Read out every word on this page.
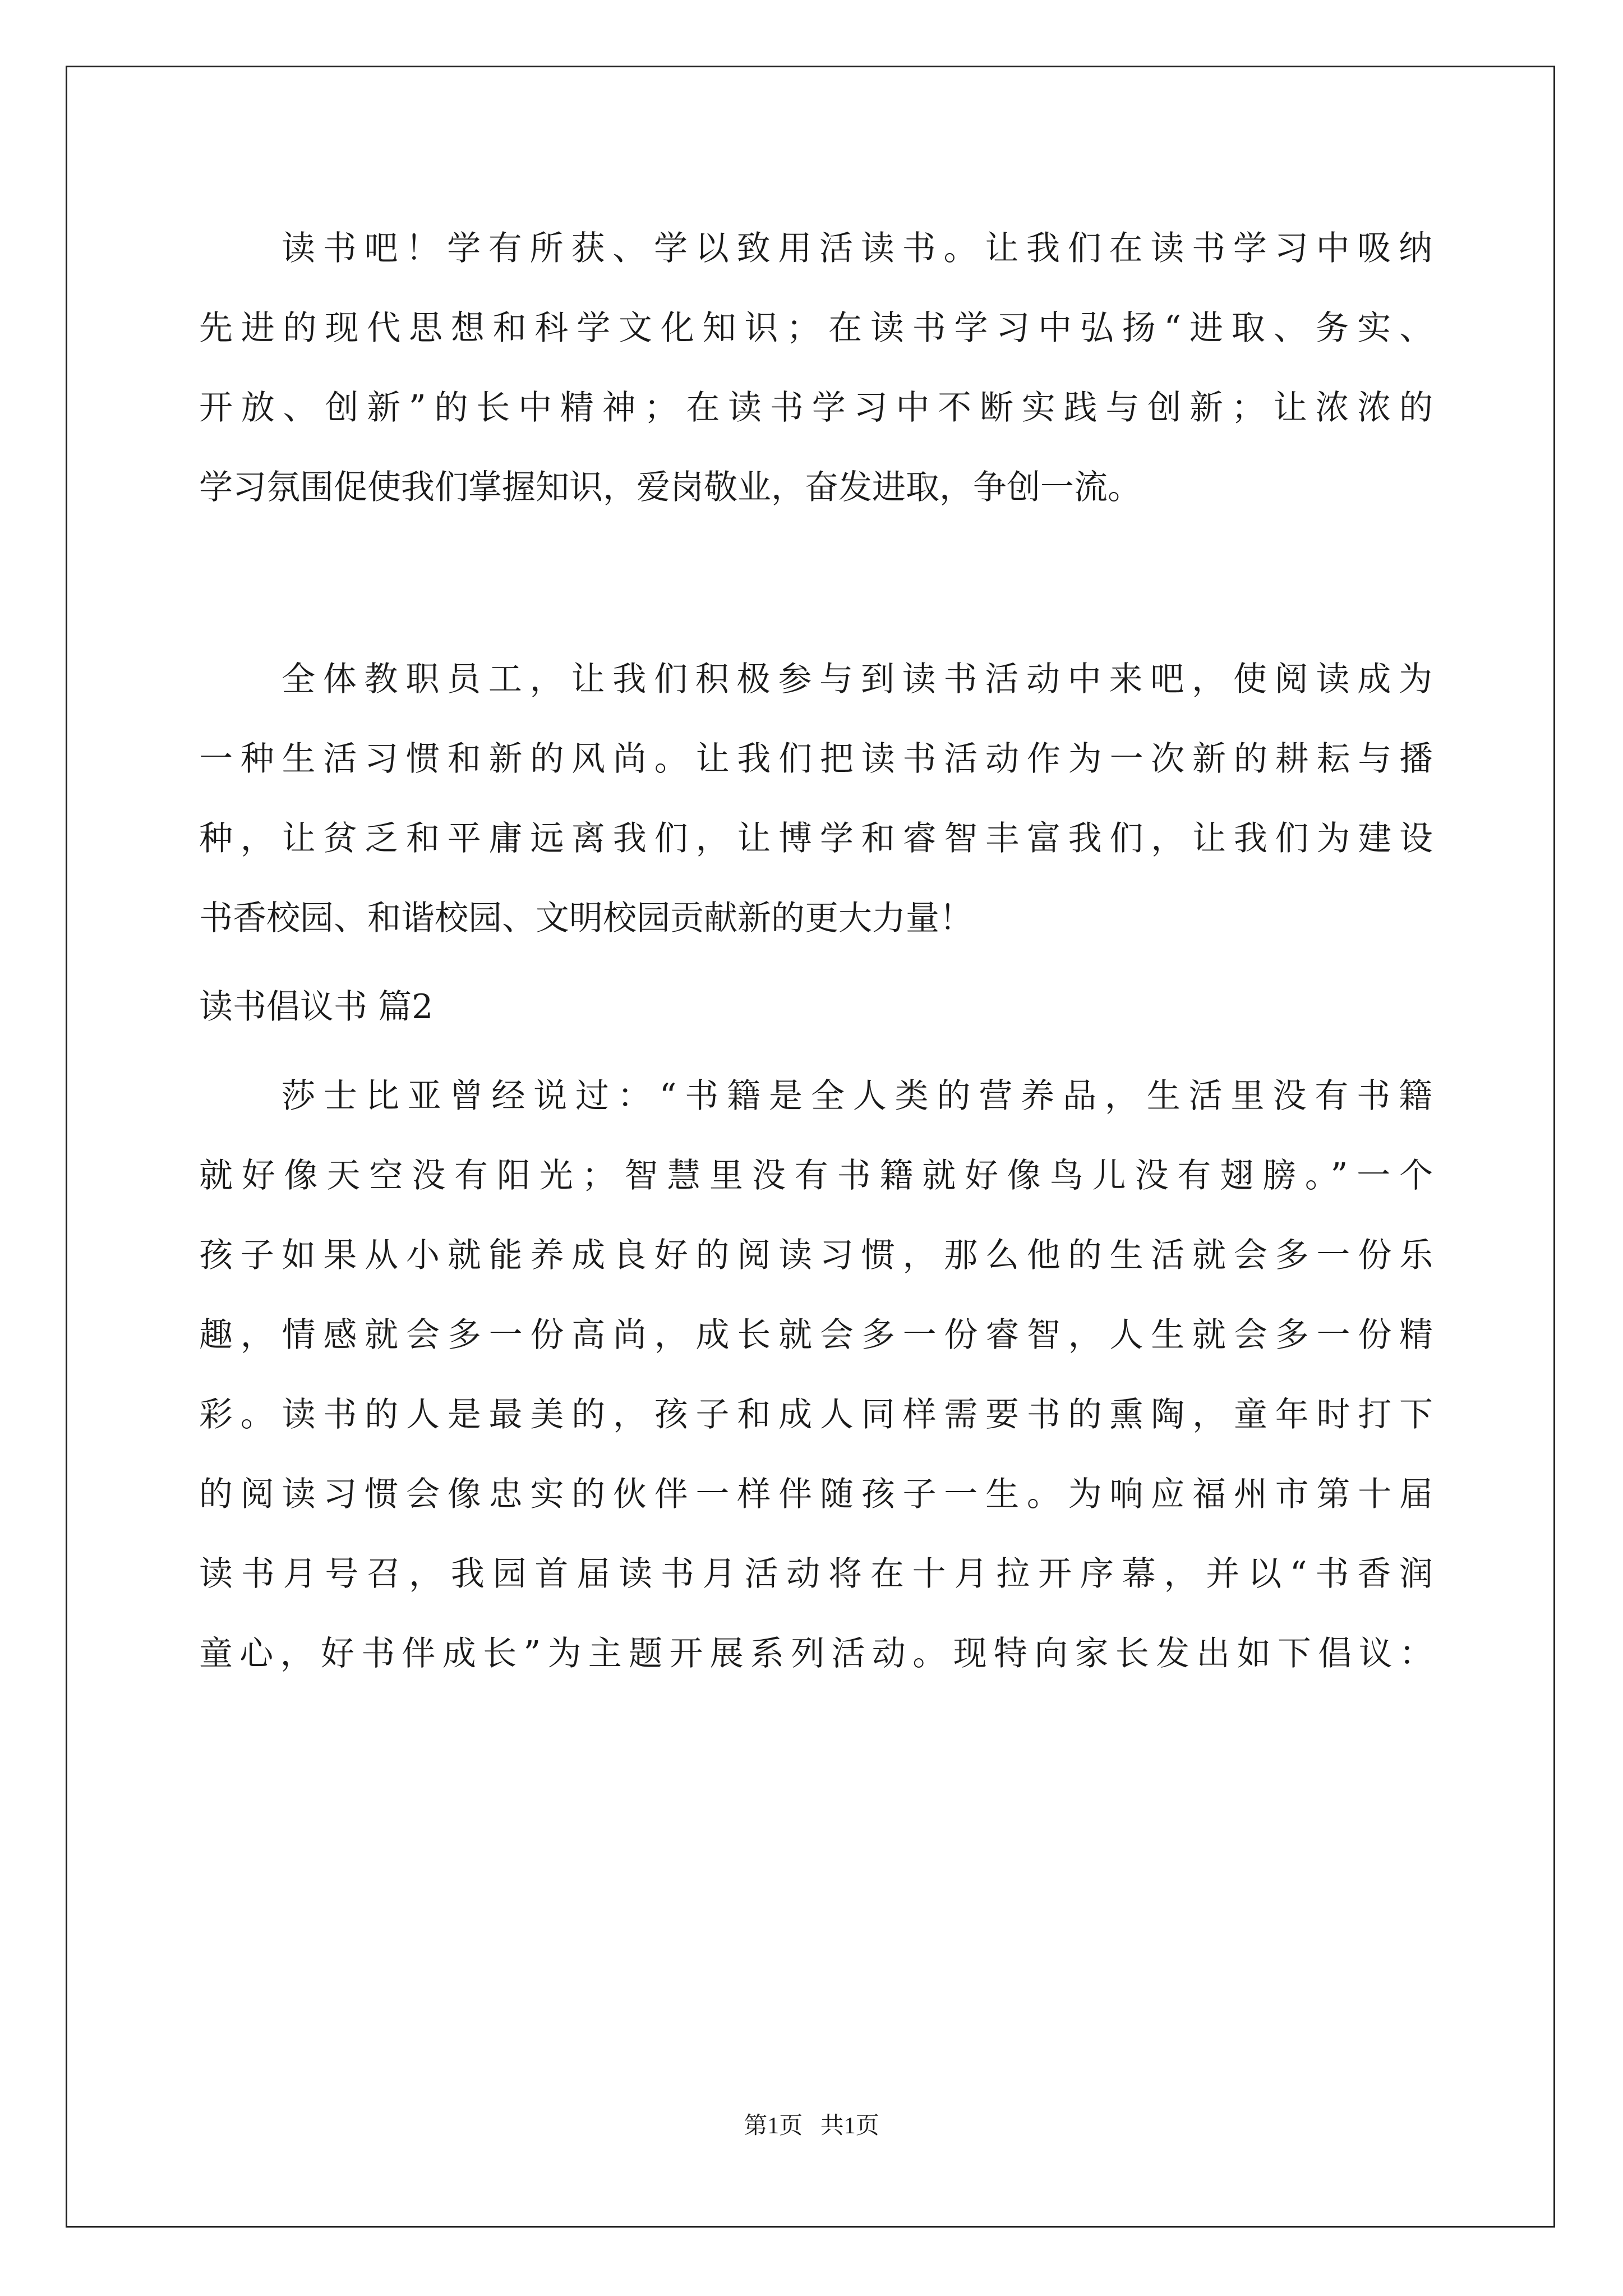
读书吧！学有所获、学以致用活读书。让我们在读书学习中吸纳
先进的现代思想和科学文化知识；在读书学习中弘扬“进取、务实、
开放、创新”的长中精神；在读书学习中不断实践与创新；让浓浓的
学习氛围促使我们掌握知识，爱岗敬业，奋发进取，争创一流。
全体教职员工，让我们积极参与到读书活动中来吧，使阅读成为
一种生活习惯和新的风尚。让我们把读书活动作为一次新的耕耘与播
种，让贫乏和平庸远离我们，让博学和睿智丰富我们，让我们为建设
书香校园、和谐校园、文明校园贡献新的更大力量！
读书倡议书 篇2
莎士比亚曾经说过：“书籍是全人类的营养品，生活里没有书籍
就好像天空没有阳光；智慧里没有书籍就好像鸟儿没有翅膀。”一个
孩子如果从小就能养成良好的阅读习惯，那么他的生活就会多一份乐
趣，情感就会多一份高尚，成长就会多一份睿智，人生就会多一份精
彩。读书的人是最美的，孩子和成人同样需要书的熏陶，童年时打下
的阅读习惯会像忠实的伙伴一样伴随孩子一生。为响应福州市第十届
读书月号召，我园首届读书月活动将在十月拉开序幕，并以“书香润
童心，好书伴成长”为主题开展系列活动。现特向家长发出如下倡议：
第1页 共1页
